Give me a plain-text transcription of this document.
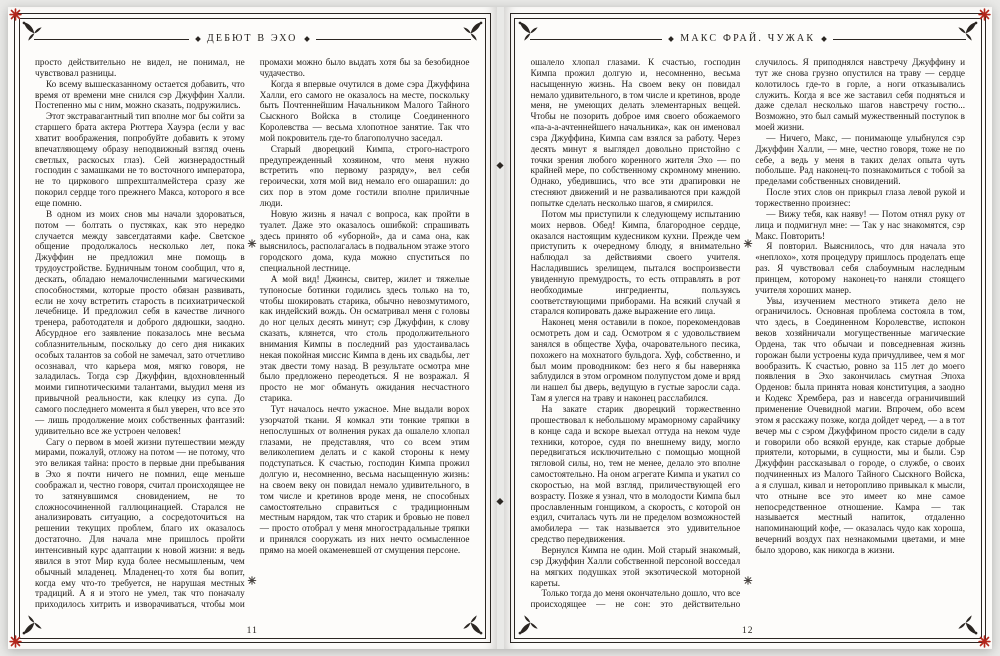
ДЕБЮТ В ЭХО

просто действительно не видел, не понимал, не чувствовал разницы.

Ко всему вышесказанному остается добавить, что время от времени мне снился сэр Джуффин Халли. Постепенно мы с ним, можно сказать, подружились.

Этот экстравагантный тип вполне мог бы сойти за старшего брата актера Рюттера Хауэра (если у вас хватит воображения, попробуйте добавить к этому впечатляющему образу неподвижный взгляд очень светлых, раскосых глаз). Сей жизнерадостный господин с замашками не то восточного императора, не то циркового шпрехшталмейстера сразу же покорил сердце того прежнего Макса, которого я все еще помню.

В одном из моих снов мы начали здороваться, потом — болтать о пустяках, как это нередко случается между завсегдатаями кафе. Светское общение продолжалось несколько лет, пока Джуффин не предложил мне помощь в трудоустройстве. Будничным тоном сообщил, что я, дескать, обладаю немалочисленными магическими способностями, которые просто обязан развивать, если не хочу встретить старость в психиатрической лечебнице. И предложил себя в качестве личного тренера, работодателя и доброго дядюшки, заодно. Абсурдное его заявление показалось мне весьма соблазнительным, поскольку до сего дня никаких особых талантов за собой не замечал, зато отчетливо осознавал, что карьера моя, мягко говоря, не заладилась. Тогда сэр Джуффин, вдохновленный моими гипнотическими талантами, выудил меня из привычной реальности, как клецку из супа. До самого последнего момента я был уверен, что все это — лишь продолжение моих собственных фантазий: удивительно все же устроен человек!

Сагу о первом в моей жизни путешествии между мирами, пожалуй, отложу на потом — не потому, что это великая тайна: просто в первые дни пребывания в Эхо я почти ничего не помнил, еще меньше соображал и, честно говоря, считал происходящее не то затянувшимся сновидением, не то сложносочиненной галлюцинацией. Старался не анализировать ситуацию, а сосредоточиться на решении текущих проблем, благо их оказалось достаточно. Для начала мне пришлось пройти интенсивный курс адаптации к новой жизни: я ведь явился в этот Мир куда более несмышленым, чем обычный младенец. Младенец-то хотя бы вопит, когда ему что-то требуется, не нарушая местных традиций. А я и этого не умел, так что поначалу приходилось хитрить и изворачиваться, чтобы мои промахи можно было выдать хотя бы за безобидное чудачество.

Когда я впервые очутился в доме сэра Джуффина Халли, его самого не оказалось на месте, поскольку быть Почтеннейшим Начальником Малого Тайного Сыскного Войска в столице Соединенного Королевства — весьма хлопотное занятие. Так что мой покровитель где-то благополучно заседал.

Старый дворецкий Кимпа, строго-настрого предупрежденный хозяином, что меня нужно встретить «по первому разряду», вел себя героически, хотя мой вид немало его ошарашил: до сих пор в этом доме гостили вполне приличные люди.

Новую жизнь я начал с вопроса, как пройти в туалет. Даже это оказалось ошибкой: спрашивать здесь принято об «уборной», да и сама она, как выяснилось, располагалась в подвальном этаже этого городского дома, куда можно спуститься по специальной лестнице.

А мой вид! Джинсы, свитер, жилет и тяжелые тупоносые ботинки годились здесь только на то, чтобы шокировать старика, обычно невозмутимого, как индейский вождь. Он осматривал меня с головы до ног целых десять минут; сэр Джуффин, к слову сказать, клянется, что столь продолжительного внимания Кимпы в последний раз удостаивалась некая покойная миссис Кимпа в день их свадьбы, лет этак двести тому назад. В результате осмотра мне было предложено переодеться. Я не возражал. Я просто не мог обмануть ожидания несчастного старика.

Тут началось нечто ужасное. Мне выдали ворох узорчатой ткани. Я комкал эти тонкие тряпки в непослушных от волнения руках да ошалело хлопал глазами, не представляя, что со всем этим великолепием делать и с какой стороны к нему подступаться. К счастью, господин Кимпа прожил долгую и, несомненно, весьма насыщенную жизнь: на своем веку он повидал немало удивительного, в том числе и кретинов вроде меня, не способных самостоятельно справиться с традиционным местным нарядом, так что старик и бровью не повел — просто отобрал у меня многострадальные тряпки и принялся сооружать из них нечто осмысленное прямо на моей окаменевшей от смущения персоне.

11
МАКС ФРАЙ. ЧУЖАК

ошалело хлопал глазами. К счастью, господин Кимпа прожил долгую и, несомненно, весьма насыщенную жизнь. На своем веку он повидал немало удивительного, в том числе и кретинов, вроде меня, не умеющих делать элементарных вещей. Чтобы не позорить доброе имя своего обожаемого «па-а-а-ачтеннейшего начальника», как он именовал сэра Джуффина, Кимпа сам взялся за работу. Через десять минут я выглядел довольно пристойно с точки зрения любого коренного жителя Эхо — по крайней мере, по собственному скромному мнению. Однако, убедившись, что все эти драпировки не стесняют движений и не разваливаются при каждой попытке сделать несколько шагов, я смирился.

Потом мы приступили к следующему испытанию моих нервов. Обед! Кимпа, благородное сердце, оказался настоящим кудесником кухни. Прежде чем приступить к очередному блюду, я внимательно наблюдал за действиями своего учителя. Насладившись зрелищем, пытался воспроизвести увиденную премудрость, то есть отправлять в рот необходимые ингредиенты, пользуясь соответствующими приборами. На всякий случай я старался копировать даже выражение его лица.

Наконец меня оставили в покое, порекомендовав осмотреть дом и сад. Осмотром я с удовольствием занялся в обществе Хуфа, очаровательного песика, похожего на мохнатого бульдога. Хуф, собственно, и был моим проводником: без него я бы наверняка заблудился в этом огромном полупустом доме и вряд ли нашел бы дверь, ведущую в густые заросли сада. Там я улегся на траву и наконец расслабился.

На закате старик дворецкий торжественно прошествовал к небольшому мраморному сарайчику в конце сада и вскоре выехал оттуда на неком чуде техники, которое, судя по внешнему виду, могло передвигаться исключительно с помощью мощной тягловой силы, но, тем не менее, делало это вполне самостоятельно. На оном агрегате Кимпа и укатил со скоростью, на мой взгляд, приличествующей его возрасту. Позже я узнал, что в молодости Кимпа был прославленным гонщиком, а скорость, с которой он ездил, считалась чуть ли не пределом возможностей амобилера — так называется это удивительное средство передвижения.

Вернулся Кимпа не один. Мой старый знакомый, сэр Джуффин Халли собственной персоной восседал на мягких подушках этой экзотической моторной кареты.

Только тогда до меня окончательно дошло, что все происходящее — не сон: это действительно случилось. Я приподнялся навстречу Джуффину и тут же снова грузно опустился на траву — сердце колотилось где-то в горле, а ноги отказывались служить. Когда я все же заставил себя подняться и даже сделал несколько шагов навстречу гостю... Возможно, это был самый мужественный поступок в моей жизни.

— Ничего, Макс, — понимающе улыбнулся сэр Джуффин Халли, — мне, честно говоря, тоже не по себе, а ведь у меня в таких делах опыта чуть побольше. Рад наконец-то познакомиться с тобой за пределами собственных сновидений.

После этих слов он прикрыл глаза левой рукой и торжественно произнес:

— Вижу тебя, как наяву! — Потом отнял руку от лица и подмигнул мне: — Так у нас знакомятся, сэр Макс. Повторить!

Я повторил. Выяснилось, что для начала это «неплохо», хотя процедуру пришлось проделать еще раз. Я чувствовал себя слабоумным наследным принцем, которому наконец-то наняли стоящего учителя хороших манер.

Увы, изучением местного этикета дело не ограничилось. Основная проблема состояла в том, что здесь, в Соединенном Королевстве, испокон веков хозяйничали могущественные магические Ордена, так что обычаи и повседневная жизнь горожан были устроены куда причудливее, чем я мог вообразить. К счастью, ровно за 115 лет до моего появления в Эхо закончилась смутная Эпоха Орденов: была принята новая конституция, а заодно и Кодекс Хрембера, раз и навсегда ограничивший применение Очевидной магии. Впрочем, обо всем этом я расскажу позже, когда дойдет черед, — а в тот вечер мы с сэром Джуффином просто сидели в саду и говорили обо всякой ерунде, как старые добрые приятели, которыми, в сущности, мы и были. Сэр Джуффин рассказывал о городе, о службе, о своих подчиненных из Малого Тайного Сыскного Войска, а я слушал, кивал и неторопливо привыкал к мысли, что отныне все это имеет ко мне самое непосредственное отношение. Камра — так называется местный напиток, отдаленно напоминающий кофе, — оказалась чудо как хороша, вечерний воздух пах незнакомыми цветами, и мне было здорово, как никогда в жизни.

12
